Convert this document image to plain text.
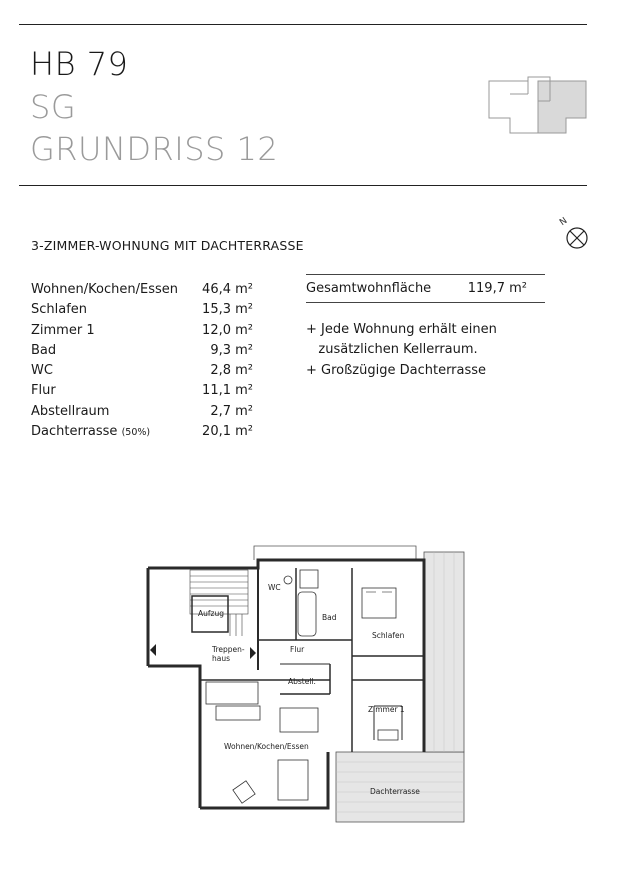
HB 79
SG
GRUNDRISS 12
3-ZIMMER-WOHNUNG MIT DACHTERRASSE
N
Wohnen/Kochen/Essen 46,4 m²
Schlafen	15,3 m²
Zimmer 1	12,0 m²
Bad	9,3 m²
WC	2,8 m²
Flur	11,1 m²
Abstellraum	2,7 m²
Dachterrasse (50%)	20,1 m²
Gesamtwohnfläche	119,7 m²
+ Jede Wohnung erhält einen
zusätzlichen Kellerraum.
+ Großzügige Dachterrasse
Aufzug
Treppen-
haus
WC
Bad
Schlafen
Flur
Abstell.
Zimmer 1
Wohnen/Kochen/Essen
Dachterrasse
